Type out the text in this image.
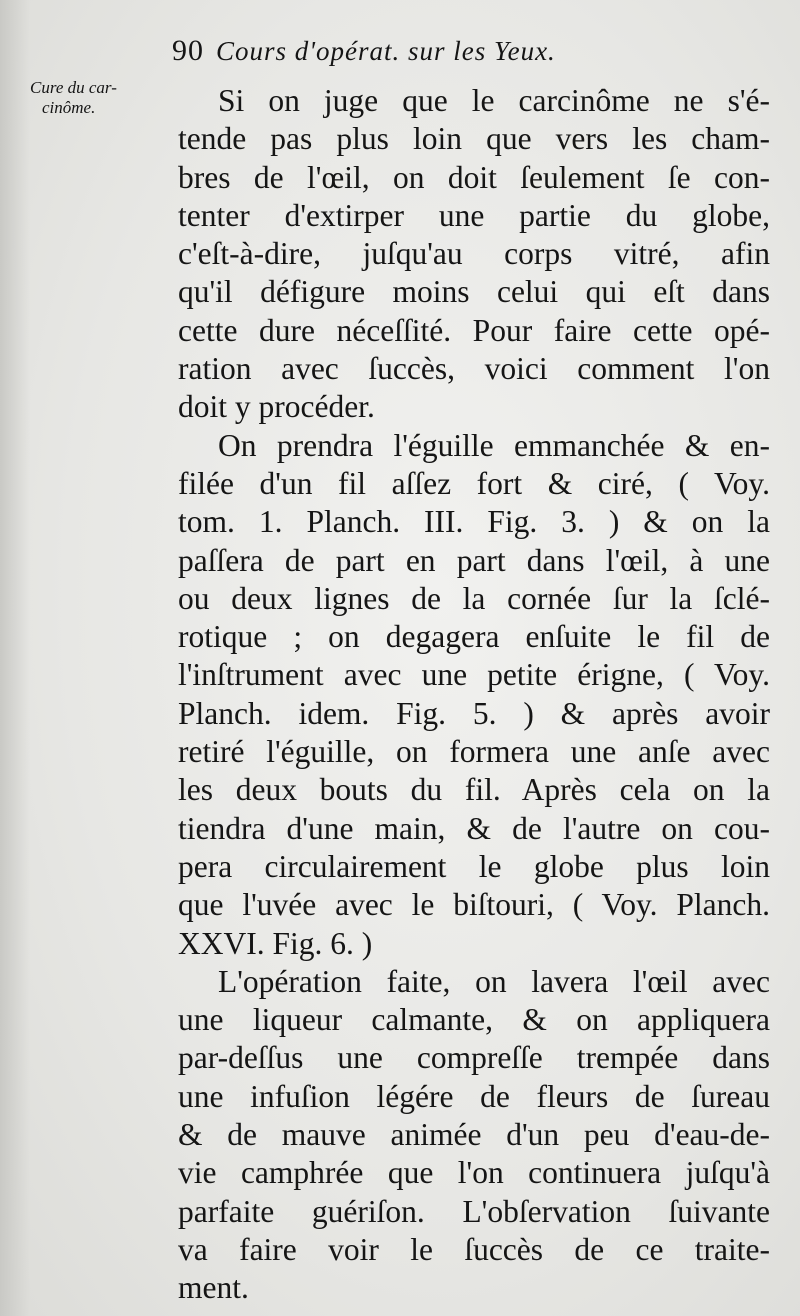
90 Cours d'opérat. sur les Yeux.
Cure du car-
cinôme.	Si on juge que le carcinôme ne s'é-
tende pas plus loin que vers les cham-
bres de l'œil, on doit ſeulement ſe con-
tenter d'extirper une partie du globe,
c'eſt-à-dire, juſqu'au corps vitré, afin
qu'il défigure moins celui qui eſt dans
cette dure néceſſité. Pour faire cette opé-
ration avec ſuccès, voici comment l'on
doit y procéder.
On prendra l'éguille emmanchée & en-
filée d'un fil aſſez fort & ciré, ( Voy.
tom. 1. Planch. III. Fig. 3. ) & on la
paſſera de part en part dans l'œil, à une
ou deux lignes de la cornée ſur la ſclé-
rotique ; on degagera enſuite le fil de
l'inſtrument avec une petite érigne, ( Voy.
Planch. idem. Fig. 5. ) & après avoir
retiré l'éguille, on formera une anſe avec
les deux bouts du fil. Après cela on la
tiendra d'une main, & de l'autre on cou-
pera circulairement le globe plus loin
que l'uvée avec le biſtouri, ( Voy. Planch.
XXVI. Fig. 6. )
L'opération faite, on lavera l'œil avec
une liqueur calmante, & on appliquera
par-deſſus une compreſſe trempée dans
une infuſion légére de fleurs de ſureau
& de mauve animée d'un peu d'eau-de-
vie camphrée que l'on continuera juſqu'à
parfaite guériſon. L'obſervation ſuivante
va faire voir le ſuccès de ce traite-
ment.
